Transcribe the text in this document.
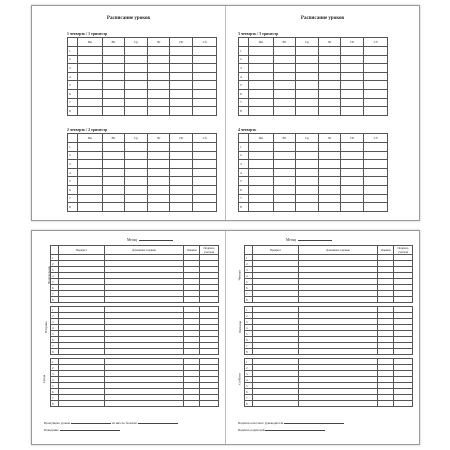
Расписание уроков
1 четверть / 1 триместр
	Пн	Вт	Ср	Чт	Пт	Сб
1						
2						
3						
4						
5						
6						
7						
8						
2 четверть / 2 триместр
	Пн	Вт	Ср	Чт	Пт	Сб
1						
2						
3						
4						
5						
6						
7						
8						
Расписание уроков
3 четверть / 3 триместр
	Пн	Вт	Ср	Чт	Пт	Сб
1						
2						
3						
4						
5						
6						
7						
8						
4 четверть
	Пн	Вт	Ср	Чт	Пт	Сб
1						
2						
3						
4						
5						
6						
7						
8						
Месяц
		Предмет	Домашнее задание	Оценки	Подпись учителя

Понедельник	1				
	2				
	3				
	4				
	5				
	6				
	7				
	8				

Вторник	1				
	2				
	3				
	4				
	5				
	6				
	7				
	8				

Среда	1				
	2				
	3				
	4				
	5				
	6				
	7				
	8				
Пропущено уроков	из них по болезни
Поведение
Месяц
		Предмет	Домашнее задание	Оценки	Подпись учителя

Четверг	1				
	2				
	3				
	4				
	5				
	6				
	7				
	8				

Пятница	1				
	2				
	3				
	4				
	5				
	6				
	7				
	8				

Суббота	1				
	2				
	3				
	4				
	5				
	6				
	7				
	8				
Подпись классного руководителя
Подпись родителей
